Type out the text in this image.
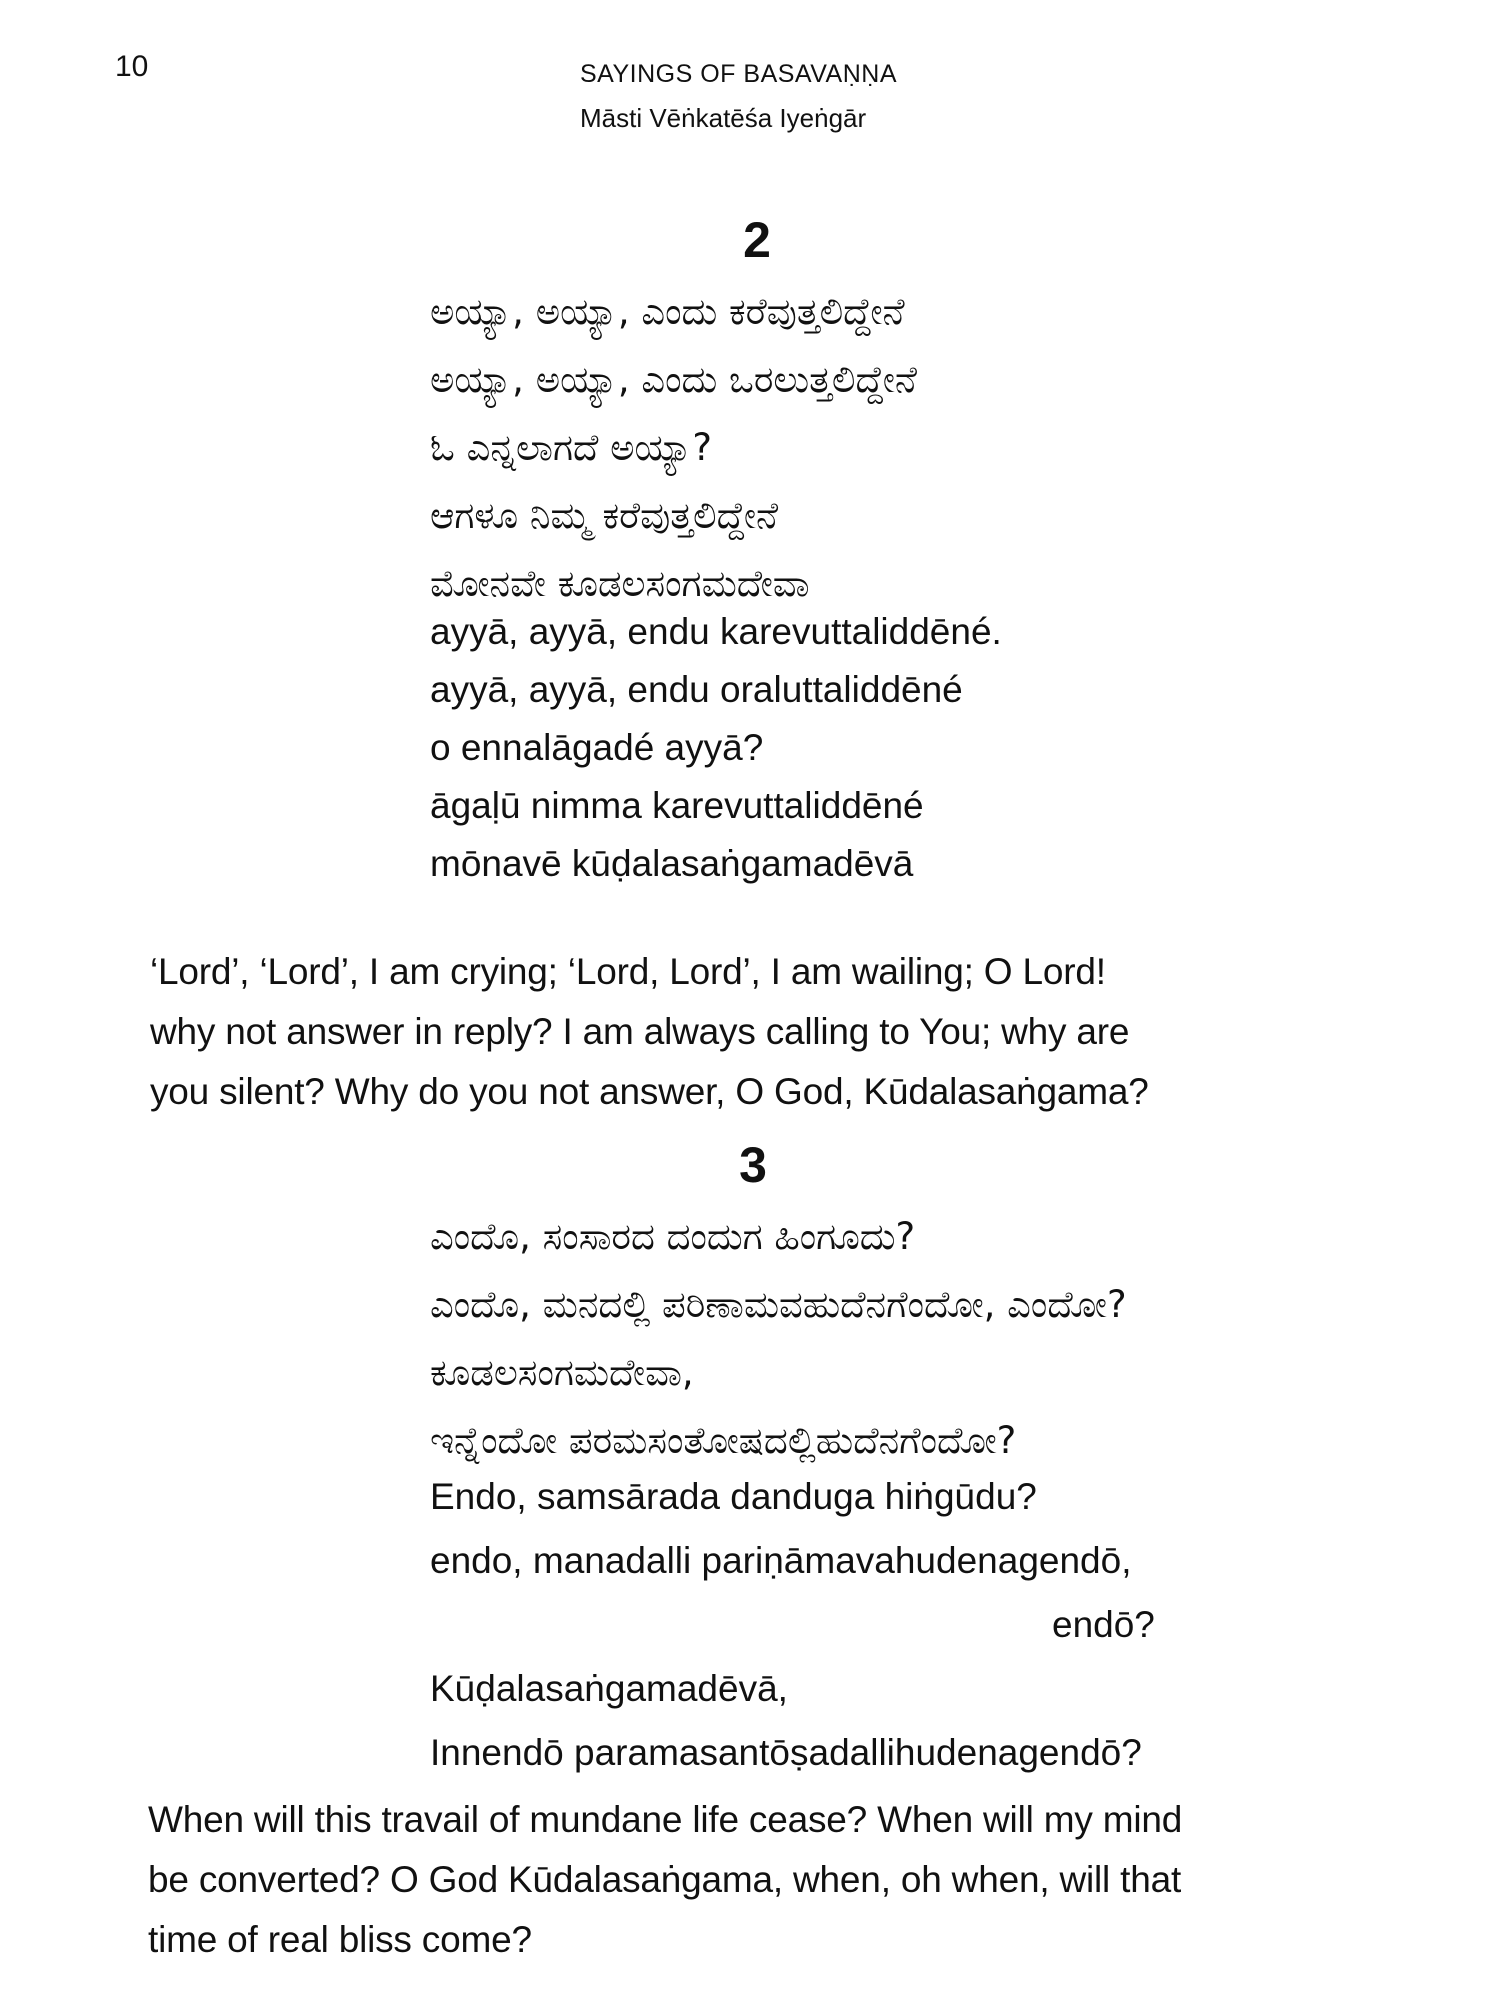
10	SAYINGS OF BASAVAṆṆA
Māsti Vēṅkatēśa Iyeṅgār
2
ಅಯ್ಯಾ, ಅಯ್ಯಾ, ಎಂದು ಕರೆವುತ್ತಲಿದ್ದೇನೆ
ಅಯ್ಯಾ, ಅಯ್ಯಾ, ಎಂದು ಒರಲುತ್ತಲಿದ್ದೇನೆ
ಓ ಎನ್ನಲಾಗದೆ ಅಯ್ಯಾ?
ಆಗಳೂ ನಿಮ್ಮ ಕರೆವುತ್ತಲಿದ್ದೇನೆ
ಮೋನವೇ ಕೂಡಲಸಂಗಮದೇವಾ
ayyā, ayyā, endu karevuttaliddēné.
ayyā, ayyā, endu oraluttaliddēné
o ennalāgadé ayyā?
āgaḷū nimma karevuttaliddēné
mōnavē kūḍalasaṅgamadēvā
‘Lord’, ‘Lord’, I am crying; ‘Lord, Lord’, I am wailing; O Lord!
why not answer in reply? I am always calling to You; why are
you silent? Why do you not answer, O God, Kūdalasaṅgama?
3
ಎಂದೊ, ಸಂಸಾರದ ದಂದುಗ ಹಿಂಗೂದು?
ಎಂದೊ, ಮನದಲ್ಲಿ ಪರಿಣಾಮವಹುದೆನಗೆಂದೋ, ಎಂದೋ?
ಕೂಡಲಸಂಗಮದೇವಾ,
ಇನ್ನೆಂದೋ ಪರಮಸಂತೋಷದಲ್ಲಿಹುದೆನಗೆಂದೋ?
Endo, samsārada danduga hiṅgūdu?
endo, manadalli pariṇāmavahudenagendō,
endō?
Kūḍalasaṅgamadēvā,
Innendō paramasantōṣadallihudenagendō?
When will this travail of mundane life cease? When will my mind
be converted? O God Kūdalasaṅgama, when, oh when, will that
time of real bliss come?
